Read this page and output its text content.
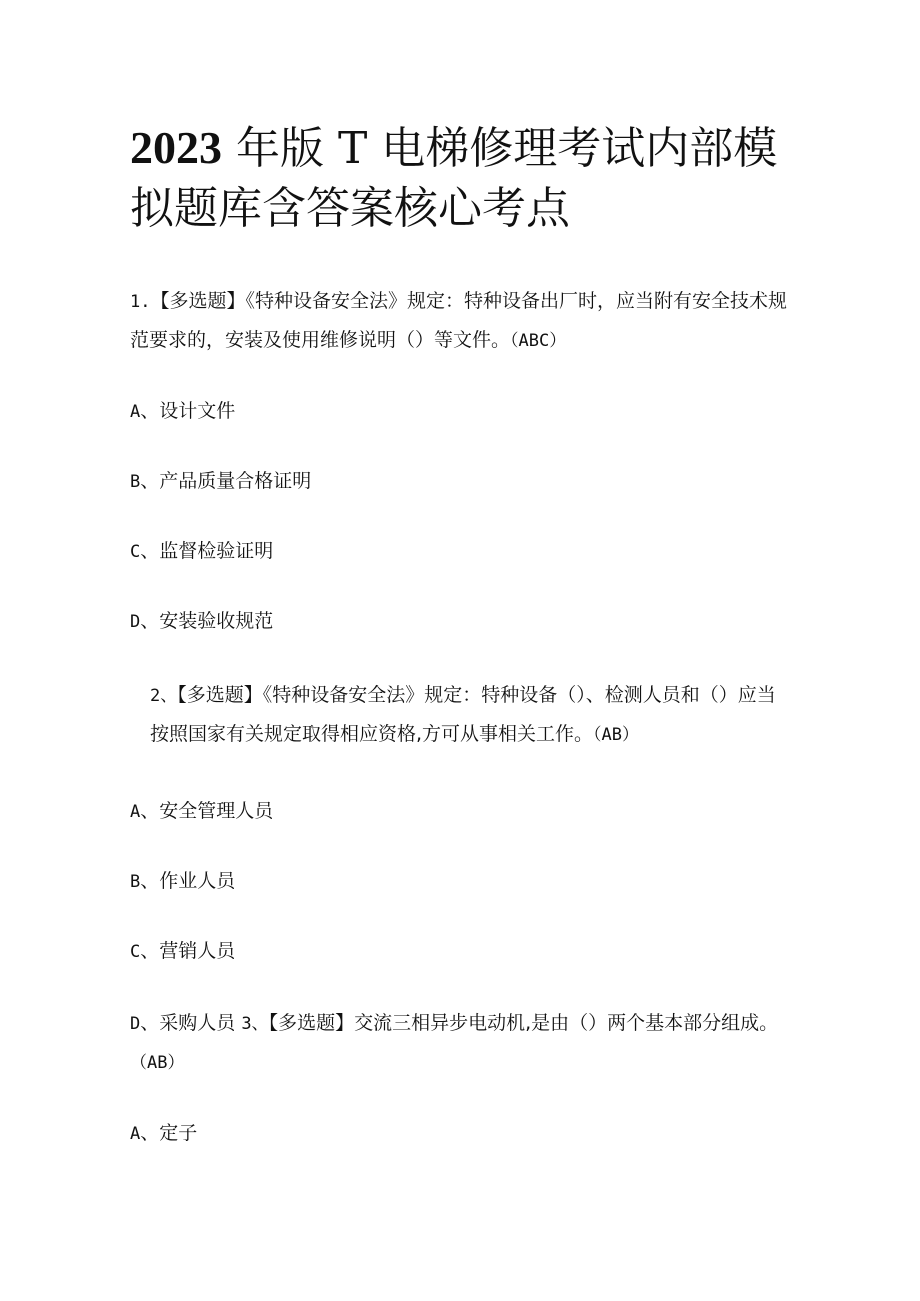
2023 年版 T 电梯修理考试内部模拟题库含答案核心考点
1.【多选题】《特种设备安全法》规定：特种设备出厂时，应当附有安全技术规范要求的，安装及使用维修说明（）等文件。（ABC）
A、设计文件
B、产品质量合格证明
C、监督检验证明
D、安装验收规范
2、【多选题】《特种设备安全法》规定：特种设备（）、检测人员和（）应当按照国家有关规定取得相应资格,方可从事相关工作。（AB）
A、安全管理人员
B、作业人员
C、营销人员
D、采购人员 3、【多选题】交流三相异步电动机,是由（）两个基本部分组成。（AB）
A、定子
